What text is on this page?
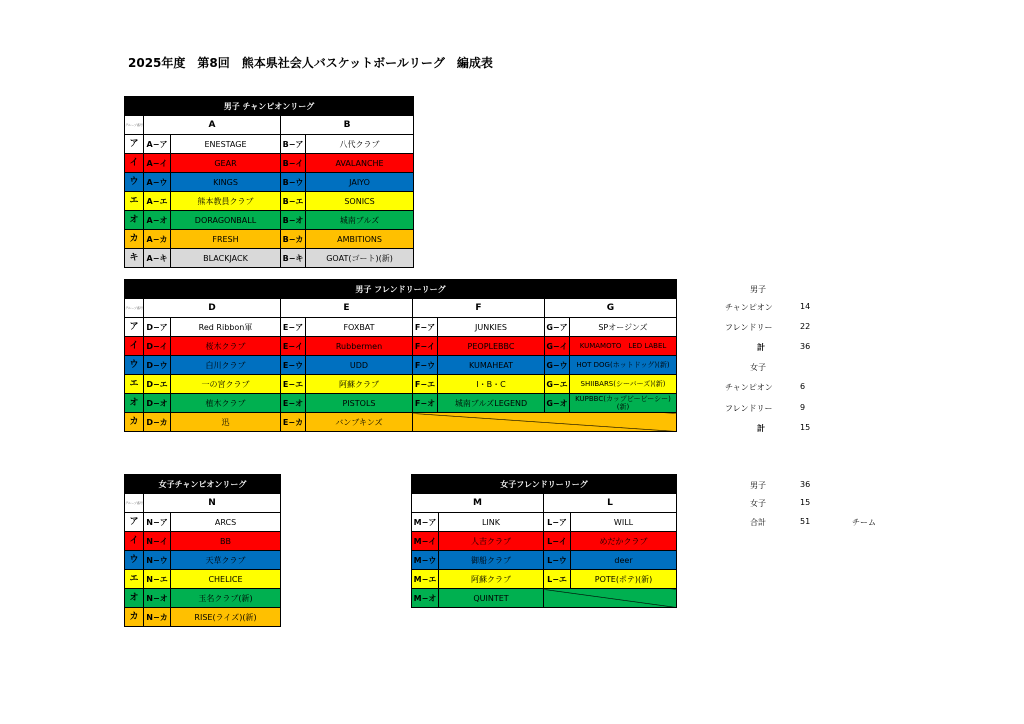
2025年度　第8回　熊本県社会人バスケットボールリーグ　編成表
男子 チャンピオンリーグ				
グループ番号	A		B	
ア	A−ア	ENESTAGE	B−ア	八代クラブ
イ	A−イ	GEAR	B−イ	AVALANCHE
ウ	A−ウ	KINGS	B−ウ	JAIYO
エ	A−エ	熊本教員クラブ	B−エ	SONICS
オ	A−オ	DORAGONBALL	B−オ	城南ブルズ
カ	A−カ	FRESH	B−カ	AMBITIONS
キ	A−キ	BLACKJACK	B−キ	GOAT(ゴート)(新)
男子 フレンドリーリーグ								
グループ番号	D		E		F		G	
ア	D−ア	Red Ribbon軍	E−ア	FOXBAT	F−ア	JUNKIES	G−ア	SPオージンズ
イ	D−イ	桜木クラブ	E−イ	Rubbermen	F−イ	PEOPLEBBC	G−イ	KUMAMOTO　LED LABEL
ウ	D−ウ	白川クラブ	E−ウ	UDD	F−ウ	KUMAHEAT	G−ウ	HOT DOG(ホットドッグ)(新)
エ	D−エ	一の宮クラブ	E−エ	阿蘇クラブ	F−エ	I・B・C	G−エ	SHIIBARS(シーバーズ)(新)
オ	D−オ	植木クラブ	E−オ	PISTOLS	F−オ	城南ブルズLEGEND	G−オ	KUPBBC(カップビービーシー)(新)
カ	D−カ	迅	E−カ	バンブキンズ				
女子チャンピオンリーグ		
グループ番号	N	
ア	N−ア	ARCS
イ	N−イ	BB
ウ	N−ウ	天草クラブ
エ	N−エ	CHELICE
オ	N−オ	玉名クラブ(新)
カ	N−カ	RISE(ライズ)(新)
女子フレンドリーリーグ			
M		L	
M−ア	LINK	L−ア	WILL
M−イ	人吉クラブ	L−イ	めだかクラブ
M−ウ	御船クラブ	L−ウ	deer
M−エ	阿蘇クラブ	L−エ	POTE(ポテ)(新)
M−オ	QUINTET		
男子
チャンピオン	14
フレンドリー	22
計	36
女子
チャンピオン	6
フレンドリー	9
計	15
男子	36
女子	15
合計	51	チーム
